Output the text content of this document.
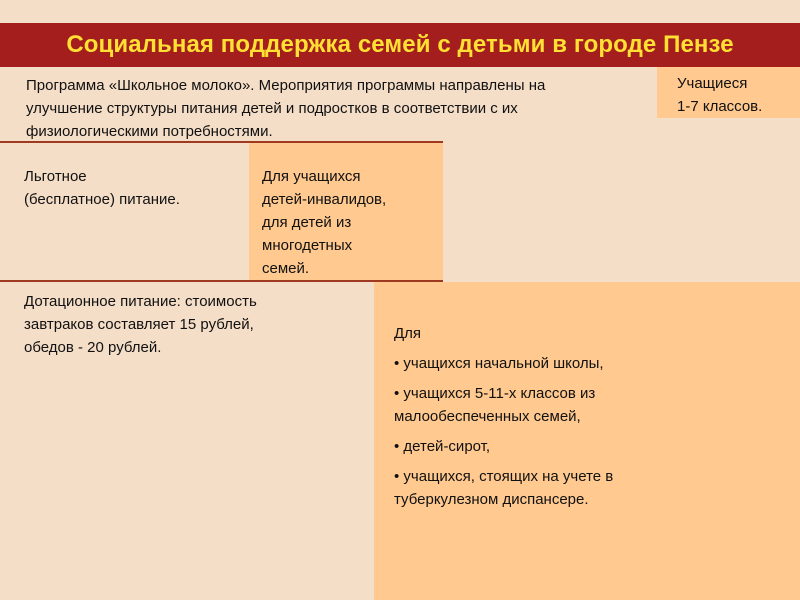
Социальная поддержка семей с детьми в городе Пензе
Программа «Школьное молоко». Мероприятия программы направлены на
улучшение структуры питания детей и подростков в соответствии с их
физиологическими потребностями.
Учащиеся
1-7 классов.
Льготное
(бесплатное) питание.
Для учащихся
детей-инвалидов,
для детей из
многодетных
семей.
Дотационное питание: стоимость
завтраков составляет 15 рублей,
обедов - 20 рублей.
Для
• учащихся начальной школы,
• учащихся 5-11-х классов из
малообеспеченных семей,
• детей-сирот,
• учащихся, стоящих на учете в
туберкулезном диспансере.
